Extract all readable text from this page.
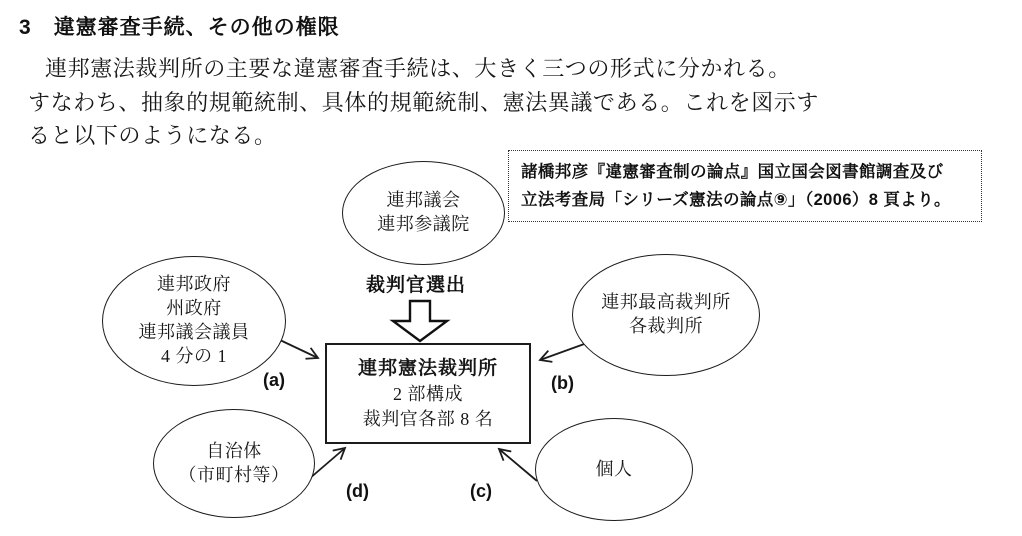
3 違憲審査手続、その他の権限
連邦憲法裁判所の主要な違憲審査手続は、大きく三つの形式に分かれる。
すなわち、抽象的規範統制、具体的規範統制、憲法異議である。これを図示す
ると以下のようになる。
諸橋邦彦『違憲審査制の論点』国立国会図書館調査及び
立法考査局「シリーズ憲法の論点⑨」（2006）8 頁より。
連邦議会
連邦参議院
連邦政府
州政府
連邦議会議員
4 分の 1
連邦最高裁判所
各裁判所
自治体
（市町村等）	個人
裁判官選出
連邦憲法裁判所
2 部構成
裁判官各部 8 名
(a)	(b)
(c)
(d)
